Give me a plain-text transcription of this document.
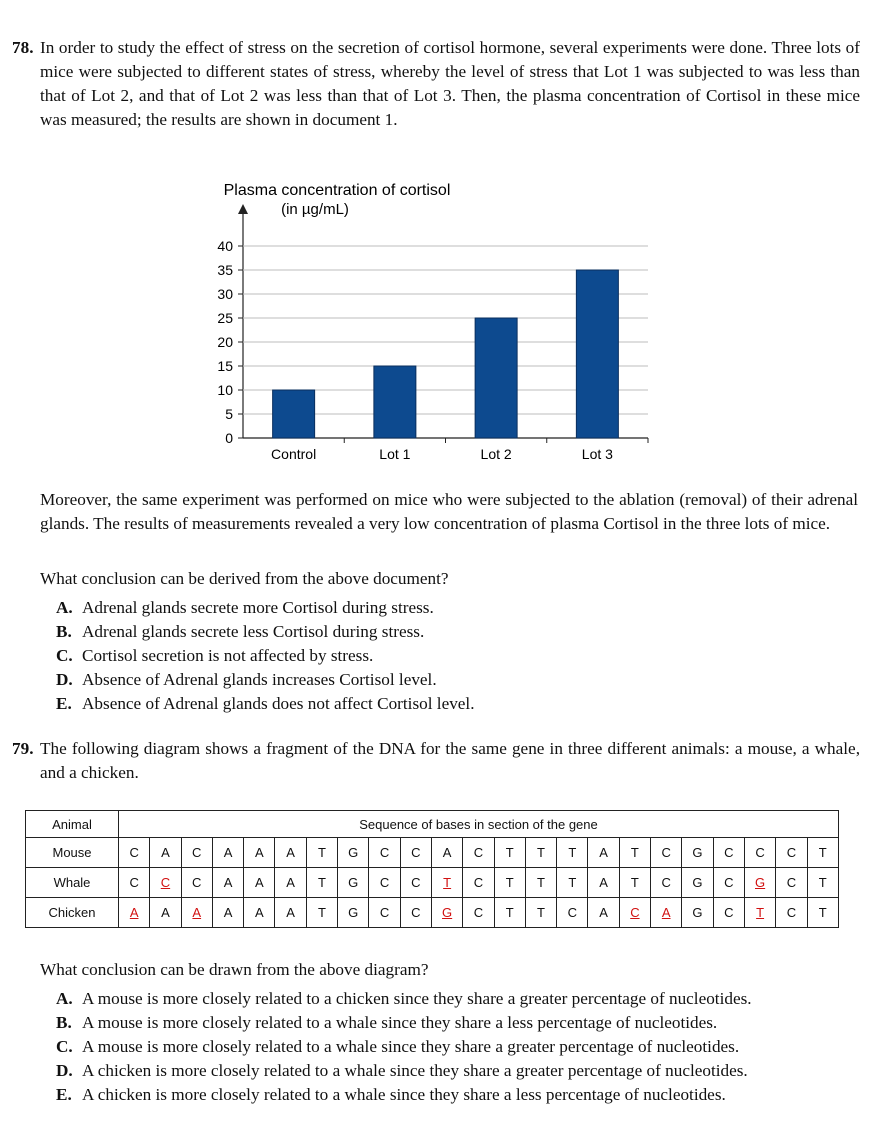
78. In order to study the effect of stress on the secretion of cortisol hormone, several experiments were done. Three lots of mice were subjected to different states of stress, whereby the level of stress that Lot 1 was subjected to was less than that of Lot 2, and that of Lot 2 was less than that of Lot 3. Then, the plasma concentration of Cortisol in these mice was measured; the results are shown in document 1.
Plasma concentration of cortisol
(in µg/mL)
0
5
10
15
20
25
30
35
40
Control	Lot 1	Lot 2	Lot 3
Moreover, the same experiment was performed on mice who were subjected to the ablation (removal) of their adrenal glands. The results of measurements revealed a very low concentration of plasma Cortisol in the three lots of mice.
What conclusion can be derived from the above document?
A. Adrenal glands secrete more Cortisol during stress.
B. Adrenal glands secrete less Cortisol during stress.
C. Cortisol secretion is not affected by stress.
D. Absence of Adrenal glands increases Cortisol level.
E. Absence of Adrenal glands does not affect Cortisol level.
79. The following diagram shows a fragment of the DNA for the same gene in three different animals: a mouse, a whale, and a chicken.
Animal	Sequence of bases in section of the gene																						
Mouse	C	A	C	A	A	A	T	G	C	C	A	C	T	T	T	A	T	C	G	C	C	C	T
Whale	C	C	C	A	A	A	T	G	C	C	T	C	T	T	T	A	T	C	G	C	G	C	T
Chicken	A	A	A	A	A	A	T	G	C	C	G	C	T	T	C	A	C	A	G	C	T	C	T
What conclusion can be drawn from the above diagram?
A. A mouse is more closely related to a chicken since they share a greater percentage of nucleotides.
B. A mouse is more closely related to a whale since they share a less percentage of nucleotides.
C. A mouse is more closely related to a whale since they share a greater percentage of nucleotides.
D. A chicken is more closely related to a whale since they share a greater percentage of nucleotides.
E. A chicken is more closely related to a whale since they share a less percentage of nucleotides.
